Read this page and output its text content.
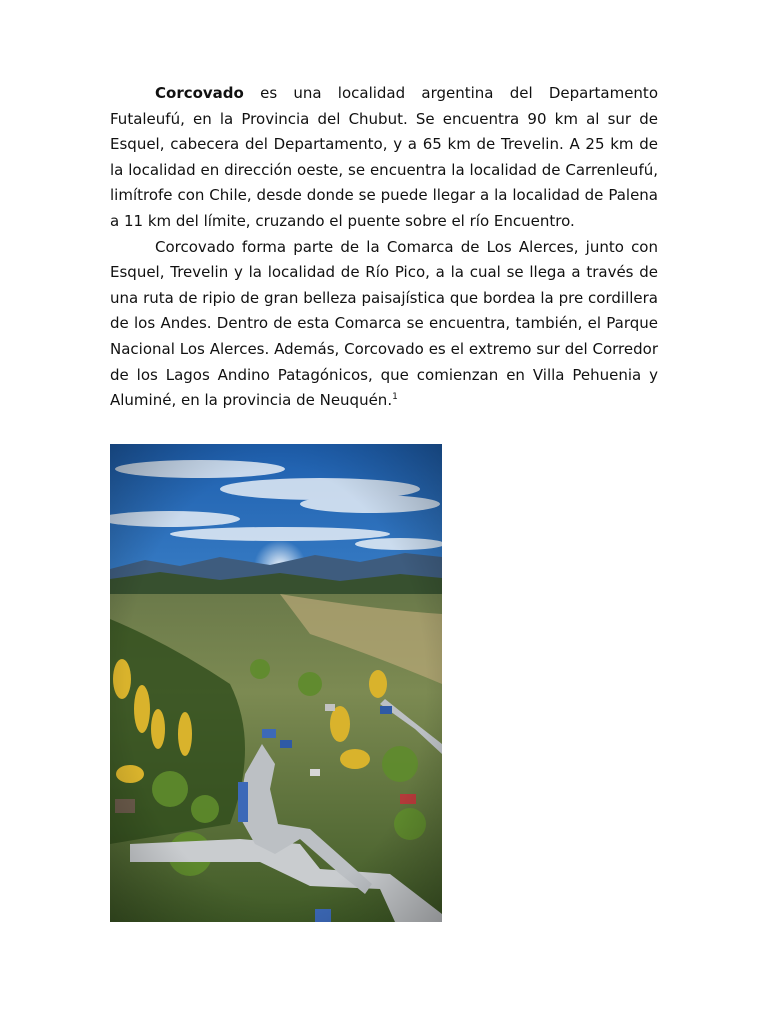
Corcovado es una localidad argentina del Departamento Futaleufú, en la Provincia del Chubut. Se encuentra 90 km al sur de Esquel, cabecera del Departamento, y a 65 km de Trevelin. A 25 km de la localidad en dirección oeste, se encuentra la localidad de Carrenleufú, limítrofe con Chile, desde donde se puede llegar a la localidad de Palena a 11 km del límite, cruzando el puente sobre el río Encuentro.

Corcovado forma parte de la Comarca de Los Alerces, junto con Esquel, Trevelin y la localidad de Río Pico, a la cual se llega a través de una ruta de ripio de gran belleza paisajística que bordea la pre cordillera de los Andes. Dentro de esta Comarca se encuentra, también, el Parque Nacional Los Alerces. Además, Corcovado es el extremo sur del Corredor de los Lagos Andino Patagónicos, que comienzan en Villa Pehuenia y Aluminé, en la provincia de Neuquén.$^1$
